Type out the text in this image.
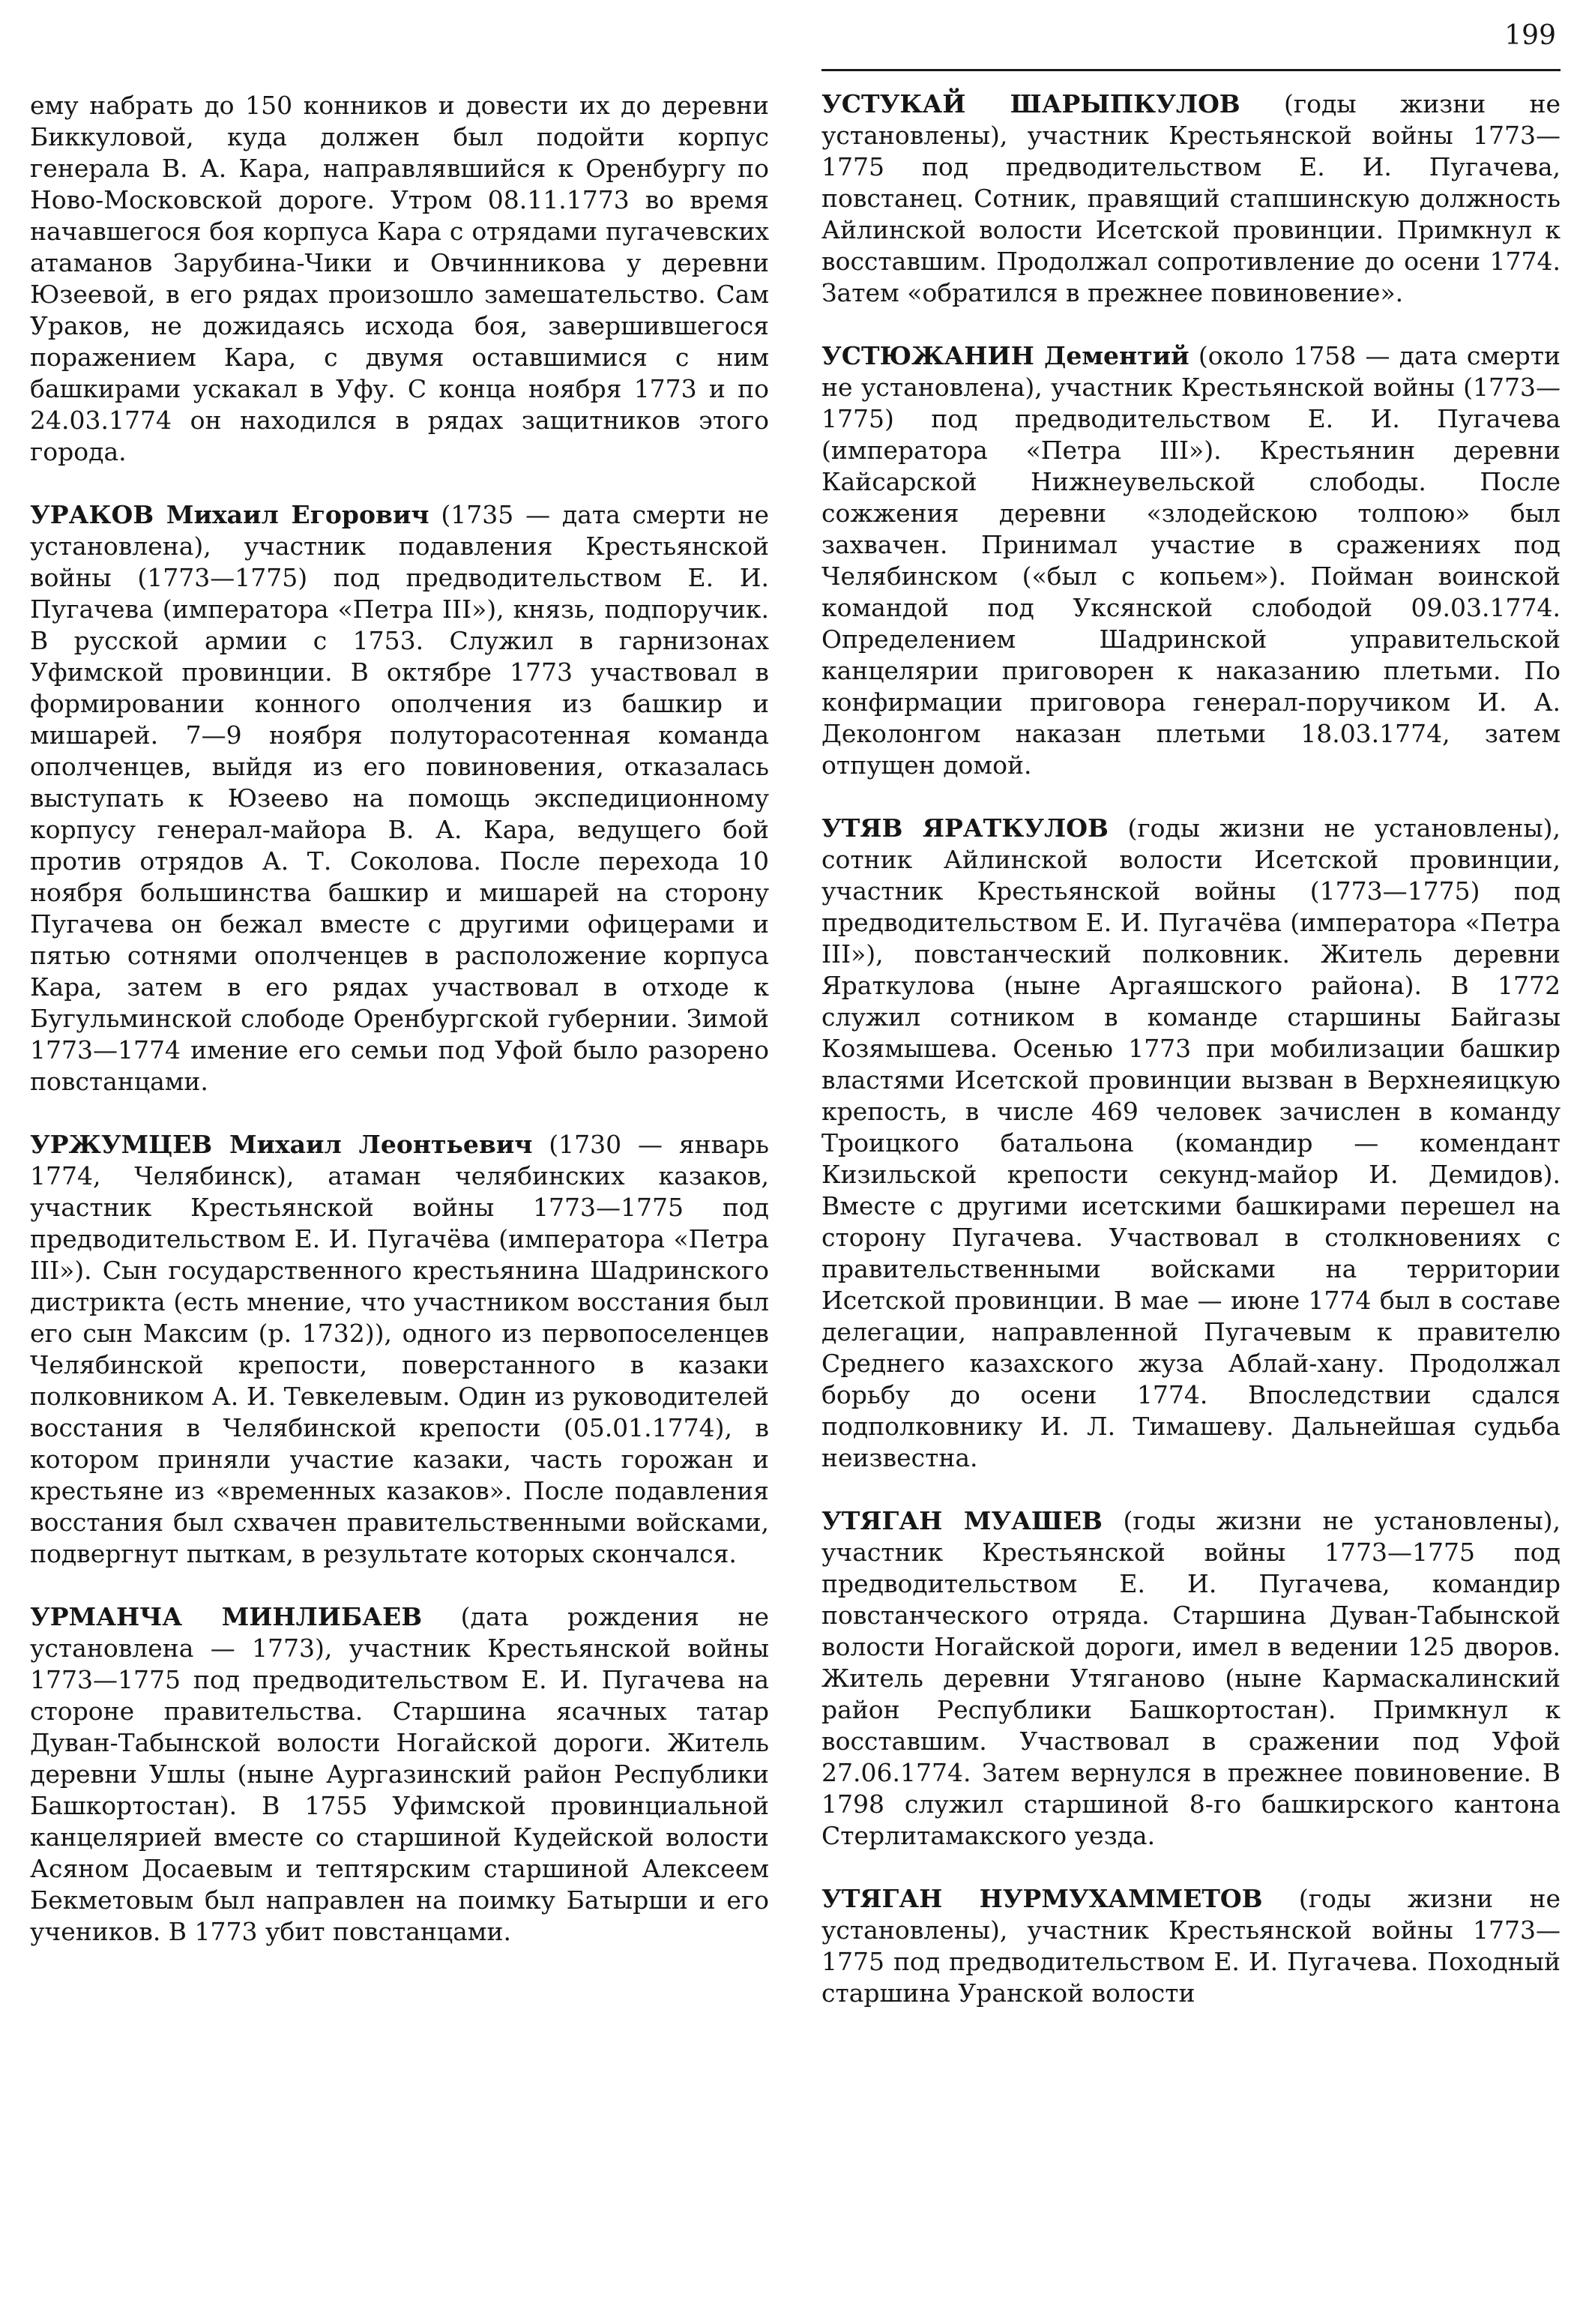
199

ему набрать до 150 конников и довести их до деревни Биккуловой, куда должен был подойти корпус генерала В. А. Кара, направлявшийся к Оренбургу по Ново-Московской дороге. Утром 08.11.1773 во время начавшегося боя корпуса Кара с отрядами пугачевских атаманов Зарубина-Чики и Овчинникова у деревни Юзеевой, в его рядах произошло замешательство. Сам Ураков, не дожидаясь исхода боя, завершившегося поражением Кара, с двумя оставшимися с ним башкирами ускакал в Уфу. С конца ноября 1773 и по 24.03.1774 он находился в рядах защитников этого города.

УРАКОВ Михаил Егорович (1735 — дата смерти не установлена), участник подавления Крестьянской войны (1773—1775) под предводительством Е. И. Пугачева (императора «Петра III»), князь, подпоручик. В русской армии с 1753. Служил в гарнизонах Уфимской провинции. В октябре 1773 участвовал в формировании конного ополчения из башкир и мишарей. 7—9 ноября полуторасотенная команда ополченцев, выйдя из его повиновения, отказалась выступать к Юзеево на помощь экспедиционному корпусу генерал-майора В. А. Кара, ведущего бой против отрядов А. Т. Соколова. После перехода 10 ноября большинства башкир и мишарей на сторону Пугачева он бежал вместе с другими офицерами и пятью сотнями ополченцев в расположение корпуса Кара, затем в его рядах участвовал в отходе к Бугульминской слободе Оренбургской губернии. Зимой 1773—1774 имение его семьи под Уфой было разорено повстанцами.

УРЖУМЦЕВ Михаил Леонтьевич (1730 — январь 1774, Челябинск), атаман челябинских казаков, участник Крестьянской войны 1773—1775 под предводительством Е. И. Пугачёва (императора «Петра III»). Сын государственного крестьянина Шадринского дистрикта (есть мнение, что участником восстания был его сын Максим (р. 1732)), одного из первопоселенцев Челябинской крепости, поверстанного в казаки полковником А. И. Тевкелевым. Один из руководителей восстания в Челябинской крепости (05.01.1774), в котором приняли участие казаки, часть горожан и крестьяне из «временных казаков». После подавления восстания был схвачен правительственными войсками, подвергнут пыткам, в результате которых скончался.

УРМАНЧА МИНЛИБАЕВ (дата рождения не установлена — 1773), участник Крестьянской войны 1773—1775 под предводительством Е. И. Пугачева на стороне правительства. Старшина ясачных татар Дуван-Табынской волости Ногайской дороги. Житель деревни Ушлы (ныне Аургазинский район Республики Башкортостан). В 1755 Уфимской провинциальной канцелярией вместе со старшиной Кудейской волости Асяном Досаевым и тептярским старшиной Алексеем Бекметовым был направлен на поимку Батырши и его учеников. В 1773 убит повстанцами.

УСТУКАЙ ШАРЫПКУЛОВ (годы жизни не установлены), участник Крестьянской войны 1773—1775 под предводительством Е. И. Пугачева, повстанец. Сотник, правящий стапшинскую должность Айлинской волости Исетской провинции. Примкнул к восставшим. Продолжал сопротивление до осени 1774. Затем «обратился в прежнее повиновение».

УСТЮЖАНИН Дементий (около 1758 — дата смерти не установлена), участник Крестьянской войны (1773—1775) под предводительством Е. И. Пугачева (императора «Петра III»). Крестьянин деревни Кайсарской Нижнеувельской слободы. После сожжения деревни «злодейскою толпою» был захвачен. Принимал участие в сражениях под Челябинском («был с копьем»). Пойман воинской командой под Уксянской слободой 09.03.1774. Определением Шадринской управительской канцелярии приговорен к наказанию плетьми. По конфирмации приговора генерал-поручиком И. А. Деколонгом наказан плетьми 18.03.1774, затем отпущен домой.

УТЯВ ЯРАТКУЛОВ (годы жизни не установлены), сотник Айлинской волости Исетской провинции, участник Крестьянской войны (1773—1775) под предводительством Е. И. Пугачёва (императора «Петра III»), повстанческий полковник. Житель деревни Яраткулова (ныне Аргаяшского района). В 1772 служил сотником в команде старшины Байгазы Козямышева. Осенью 1773 при мобилизации башкир властями Исетской провинции вызван в Верхнеяицкую крепость, в числе 469 человек зачислен в команду Троицкого батальона (командир — комендант Кизильской крепости секунд-майор И. Демидов). Вместе с другими исетскими башкирами перешел на сторону Пугачева. Участвовал в столкновениях с правительственными войсками на территории Исетской провинции. В мае — июне 1774 был в составе делегации, направленной Пугачевым к правителю Среднего казахского жуза Аблай-хану. Продолжал борьбу до осени 1774. Впоследствии сдался подполковнику И. Л. Тимашеву. Дальнейшая судьба неизвестна.

УТЯГАН МУАШЕВ (годы жизни не установлены), участник Крестьянской войны 1773—1775 под предводительством Е. И. Пугачева, командир повстанческого отряда. Старшина Дуван-Табынской волости Ногайской дороги, имел в ведении 125 дворов. Житель деревни Утяганово (ныне Кармаскалинский район Республики Башкортостан). Примкнул к восставшим. Участвовал в сражении под Уфой 27.06.1774. Затем вернулся в прежнее повиновение. В 1798 служил старшиной 8-го башкирского кантона Стерлитамакского уезда.

УТЯГАН НУРМУХАММЕТОВ (годы жизни не установлены), участник Крестьянской войны 1773—1775 под предводительством Е. И. Пугачева. Походный старшина Уранской волости
